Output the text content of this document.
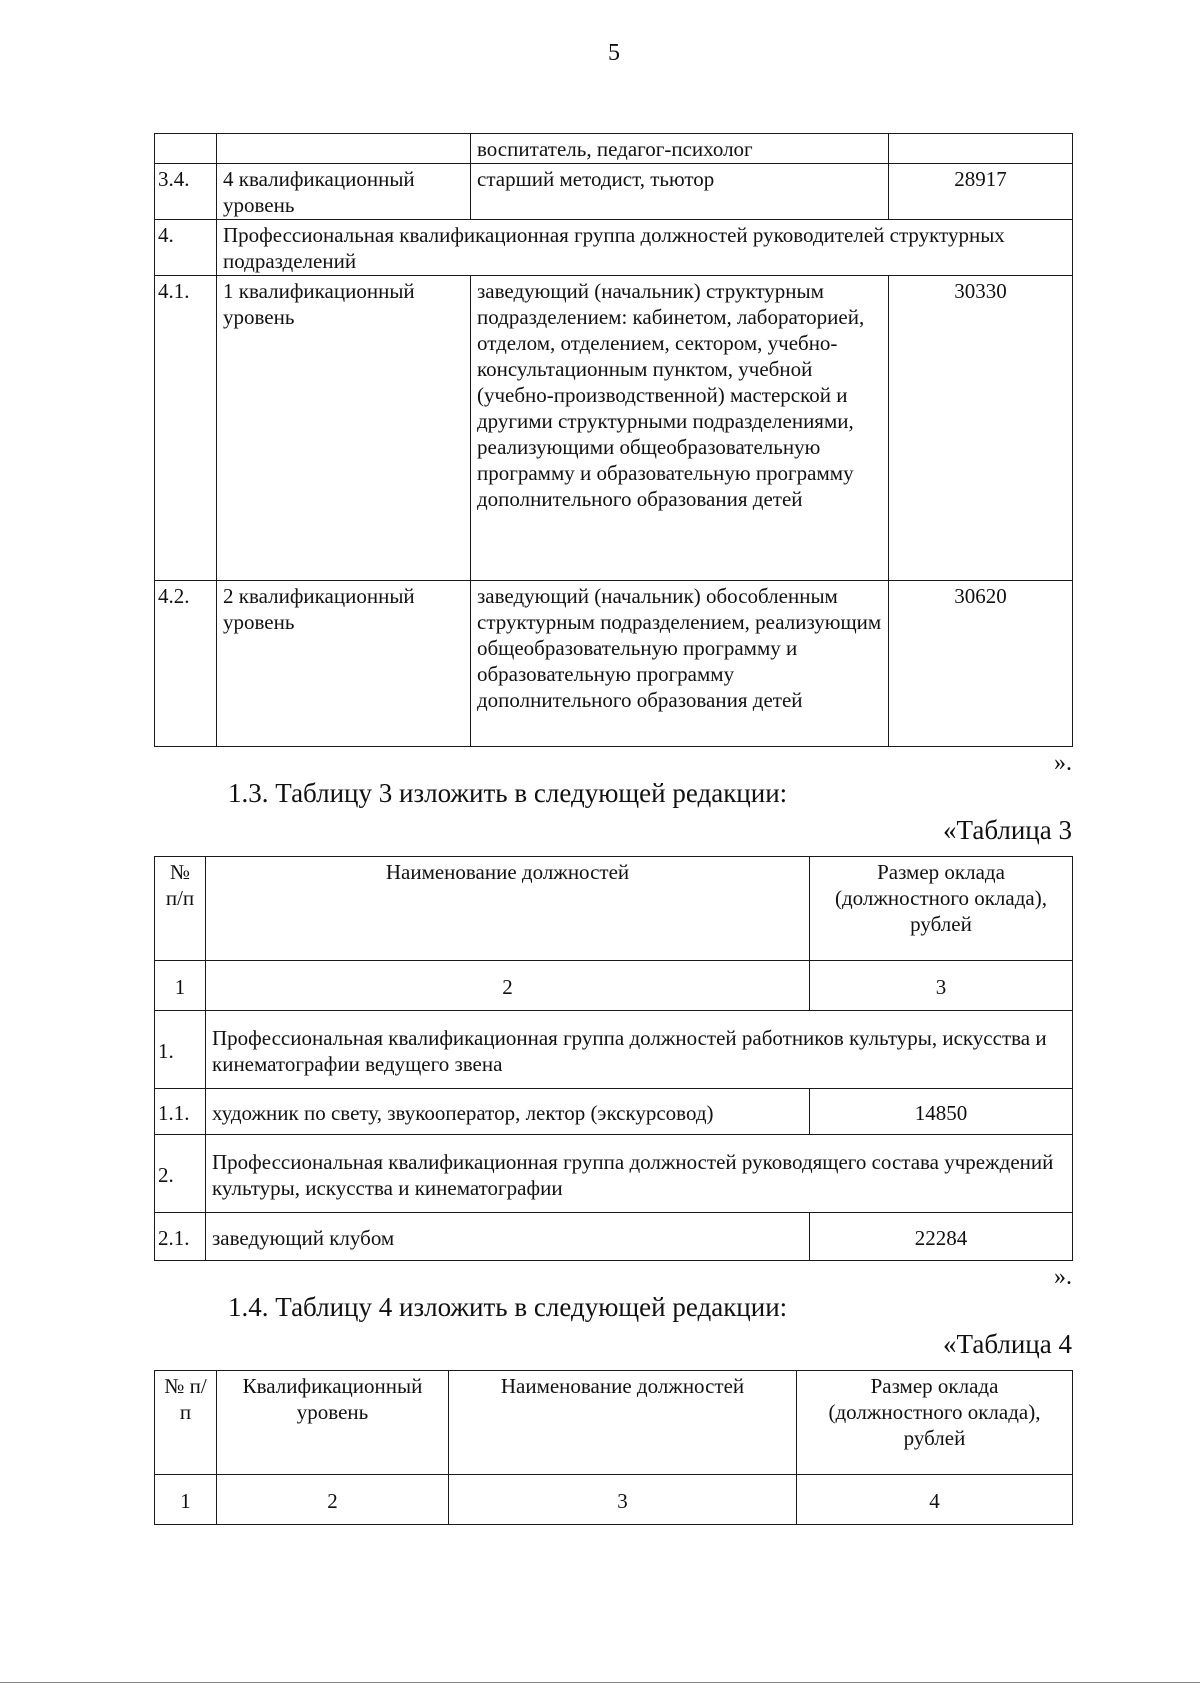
5
		воспитатель, педагог-психолог	
3.4.	4 квалификационный уровень	старший методист, тьютор	28917
4.	Профессиональная квалификационная группа должностей руководителей структурных подразделений		
4.1.	1 квалификационный уровень	заведующий (начальник) структурным подразделением: кабинетом, лабораторией, отделом, отделением, сектором, учебно-консультационным пунктом, учебной (учебно-производственной) мастерской и другими структурными подразделениями, реализующими общеобразовательную программу и образовательную программу дополнительного образования детей	30330
4.2.	2 квалификационный уровень	заведующий (начальник) обособленным структурным подразделением, реализующим общеобразовательную программу и образовательную программу дополнительного образования детей	30620
».
1.3. Таблицу 3 изложить в следующей редакции:
«Таблица 3
№ п/п	Наименование должностей	Размер оклада (должностного оклада), рублей
1	2	3
1.	Профессиональная квалификационная группа должностей работников культуры, искусства и кинематографии ведущего звена	
1.1.	художник по свету, звукооператор, лектор (экскурсовод)	14850
2.	Профессиональная квалификационная группа должностей руководящего состава учреждений культуры, искусства и кинематографии	
2.1.	заведующий клубом	22284
».
1.4. Таблицу 4 изложить в следующей редакции:
«Таблица 4
№ п/п	Квалификационный уровень	Наименование должностей	Размер оклада (должностного оклада), рублей
1	2	3	4
